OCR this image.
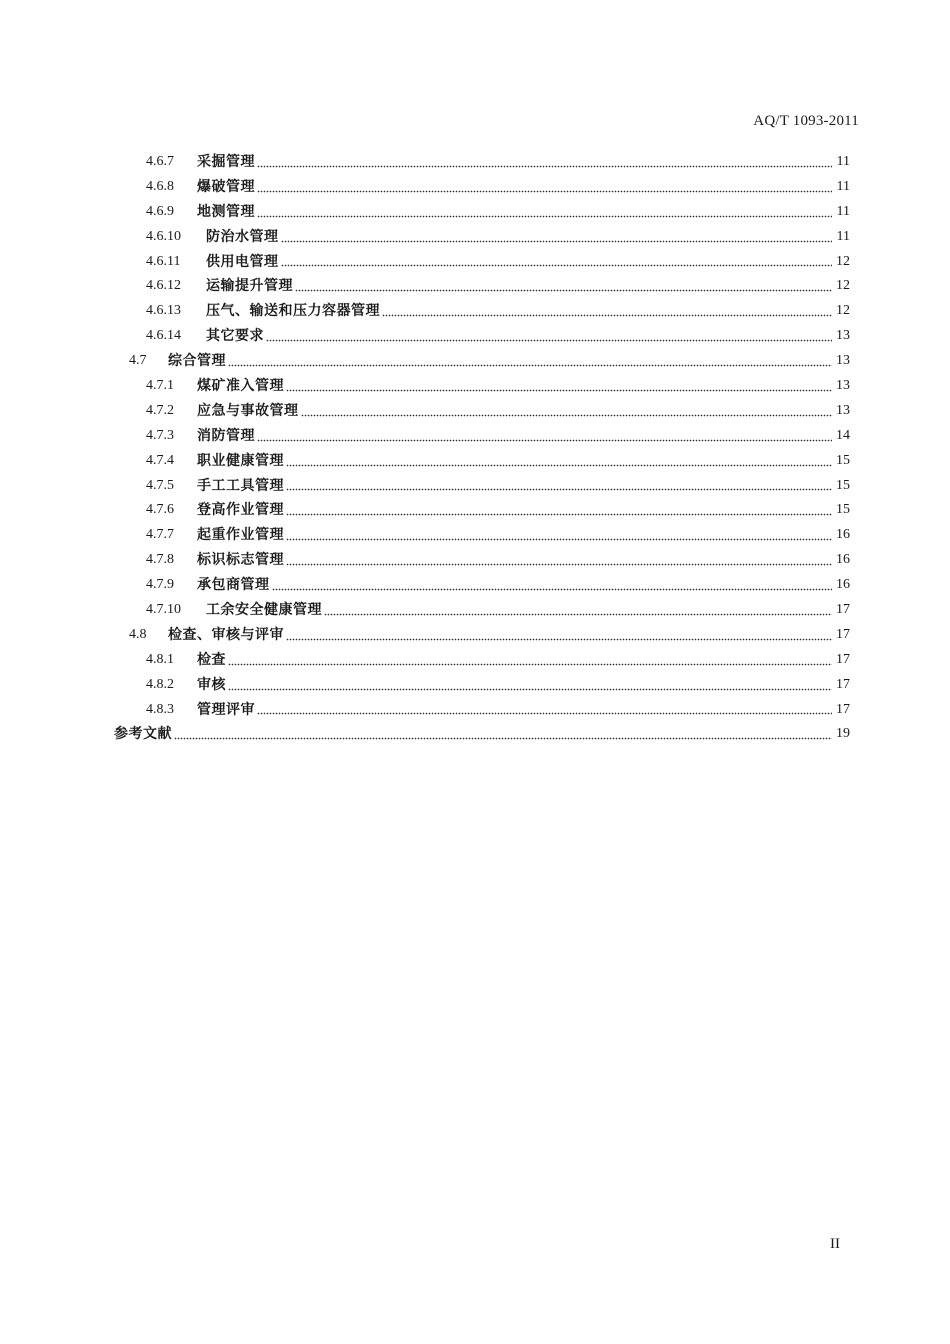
AQ/T 1093-2011
4.6.7	采掘管理	11
4.6.8	爆破管理	11
4.6.9	地测管理	11
4.6.10	防治水管理	11
4.6.11	供用电管理	12
4.6.12	运输提升管理	12
4.6.13	压气、输送和压力容器管理	12
4.6.14	其它要求	13
4.7	综合管理	13
4.7.1	煤矿准入管理	13
4.7.2	应急与事故管理	13
4.7.3	消防管理	14
4.7.4	职业健康管理	15
4.7.5	手工工具管理	15
4.7.6	登高作业管理	15
4.7.7	起重作业管理	16
4.7.8	标识标志管理	16
4.7.9	承包商管理	16
4.7.10	工余安全健康管理	17
4.8	检查、审核与评审	17
4.8.1	检查	17
4.8.2	审核	17
4.8.3	管理评审	17
参考文献	19
II
